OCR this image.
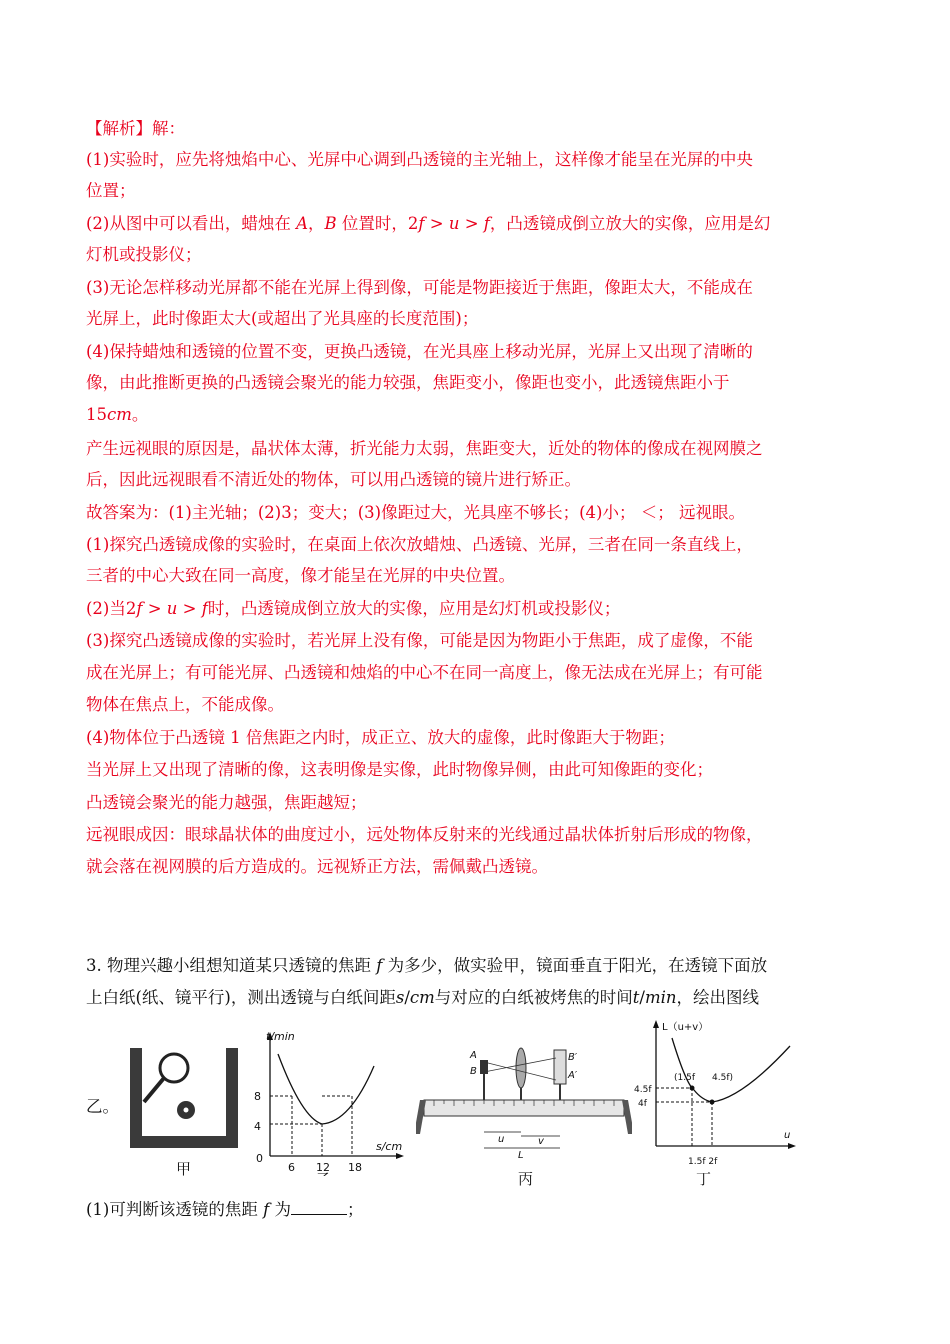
【解析】解：
(1)实验时，应先将烛焰中心、光屏中心调到凸透镜的主光轴上，这样像才能呈在光屏的中央
位置；
(2)从图中可以看出，蜡烛在 𝐴，𝐵 位置时，2𝑓 > 𝑢 > 𝑓，凸透镜成倒立放大的实像，应用是幻
灯机或投影仪；
(3)无论怎样移动光屏都不能在光屏上得到像，可能是物距接近于焦距，像距太大，不能成在
光屏上，此时像距太大(或超出了光具座的长度范围)；
(4)保持蜡烛和透镜的位置不变，更换凸透镜，在光具座上移动光屏，光屏上又出现了清晰的
像，由此推断更换的凸透镜会聚光的能力较强，焦距变小，像距也变小，此透镜焦距小于
15𝑐𝑚。
产生远视眼的原因是，晶状体太薄，折光能力太弱，焦距变大，近处的物体的像成在视网膜之
后，因此远视眼看不清近处的物体，可以用凸透镜的镜片进行矫正。
故答案为：(1)主光轴；(2)3；变大；(3)像距过大，光具座不够长；(4)小； ＜； 远视眼。
(1)探究凸透镜成像的实验时，在桌面上依次放蜡烛、凸透镜、光屏，三者在同一条直线上，
三者的中心大致在同一高度，像才能呈在光屏的中央位置。
(2)当2𝑓 > 𝑢 > 𝑓时，凸透镜成倒立放大的实像，应用是幻灯机或投影仪；
(3)探究凸透镜成像的实验时，若光屏上没有像，可能是因为物距小于焦距，成了虚像，不能
成在光屏上；有可能光屏、凸透镜和烛焰的中心不在同一高度上，像无法成在光屏上；有可能
物体在焦点上，不能成像。
(4)物体位于凸透镜 1 倍焦距之内时，成正立、放大的虚像，此时像距大于物距；
当光屏上又出现了清晰的像，这表明像是实像，此时物像异侧，由此可知像距的变化；
凸透镜会聚光的能力越强，焦距越短；
远视眼成因：眼球晶状体的曲度过小，远处物体反射来的光线通过晶状体折射后形成的物像，
就会落在视网膜的后方造成的。远视矫正方法，需佩戴凸透镜。
3. 物理兴趣小组想知道某只透镜的焦距 𝑓 为多少，做实验甲，镜面垂直于阳光，在透镜下面放
上白纸(纸、镜平行)，测出透镜与白纸间距𝑠/𝑐𝑚与对应的白纸被烤焦的时间𝑡/𝑚𝑖𝑛，绘出图线
乙。
(1)可判断该透镜的焦距 𝑓 为	；
甲
t/min
s/cm
0
4
8
6 12 18
A
B
B′
A′
u	v
L
丙
L（u+v）
u
4.5f
4f
(1.5f 4.5f)
1.5f 2f
丁
